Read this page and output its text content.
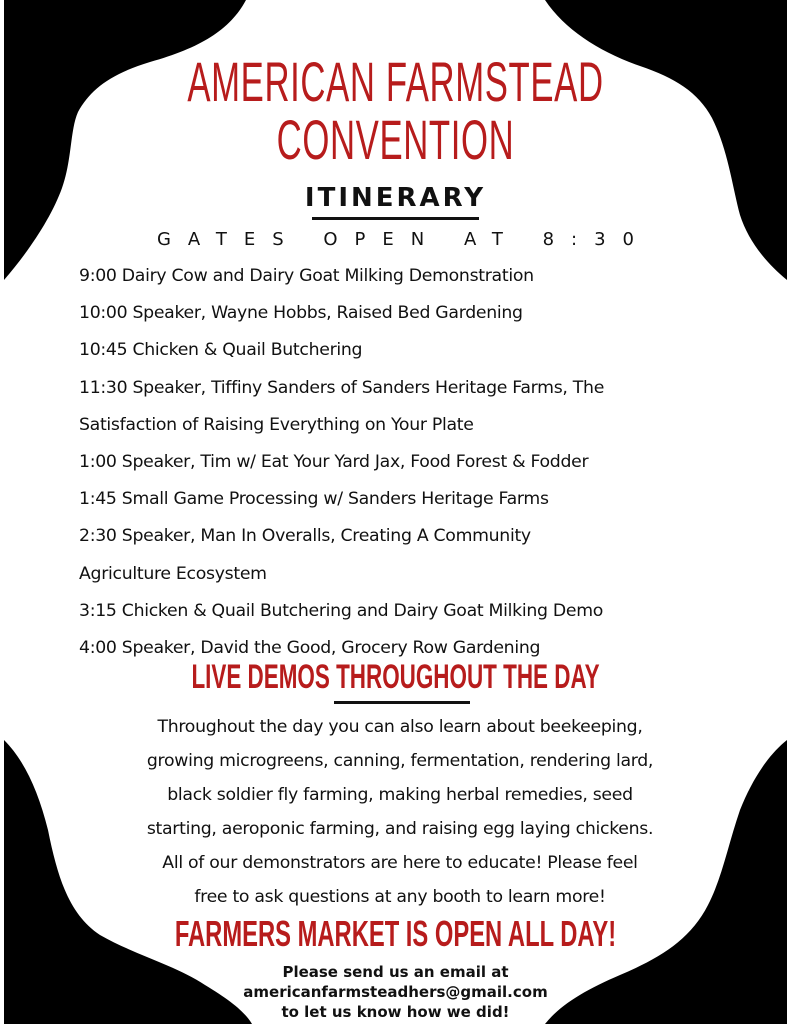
AMERICAN FARMSTEAD
CONVENTION
ITINERARY

GATES OPEN AT 8:30

9:00 Dairy Cow and Dairy Goat Milking Demonstration
10:00 Speaker, Wayne Hobbs, Raised Bed Gardening
10:45 Chicken & Quail Butchering
11:30 Speaker, Tiffiny Sanders of Sanders Heritage Farms, The
Satisfaction of Raising Everything on Your Plate
1:00 Speaker, Tim w/ Eat Your Yard Jax, Food Forest & Fodder
1:45 Small Game Processing w/ Sanders Heritage Farms
2:30 Speaker, Man In Overalls, Creating A Community
Agriculture Ecosystem
3:15 Chicken & Quail Butchering and Dairy Goat Milking Demo
4:00 Speaker, David the Good, Grocery Row Gardening
LIVE DEMOS THROUGHOUT THE DAY

Throughout the day you can also learn about beekeeping,
growing microgreens, canning, fermentation, rendering lard,
black soldier fly farming, making herbal remedies, seed
starting, aeroponic farming, and raising egg laying chickens.
All of our demonstrators are here to educate! Please feel
free to ask questions at any booth to learn more!

FARMERS MARKET IS OPEN ALL DAY!

Please send us an email at
americanfarmsteadhers@gmail.com
to let us know how we did!
